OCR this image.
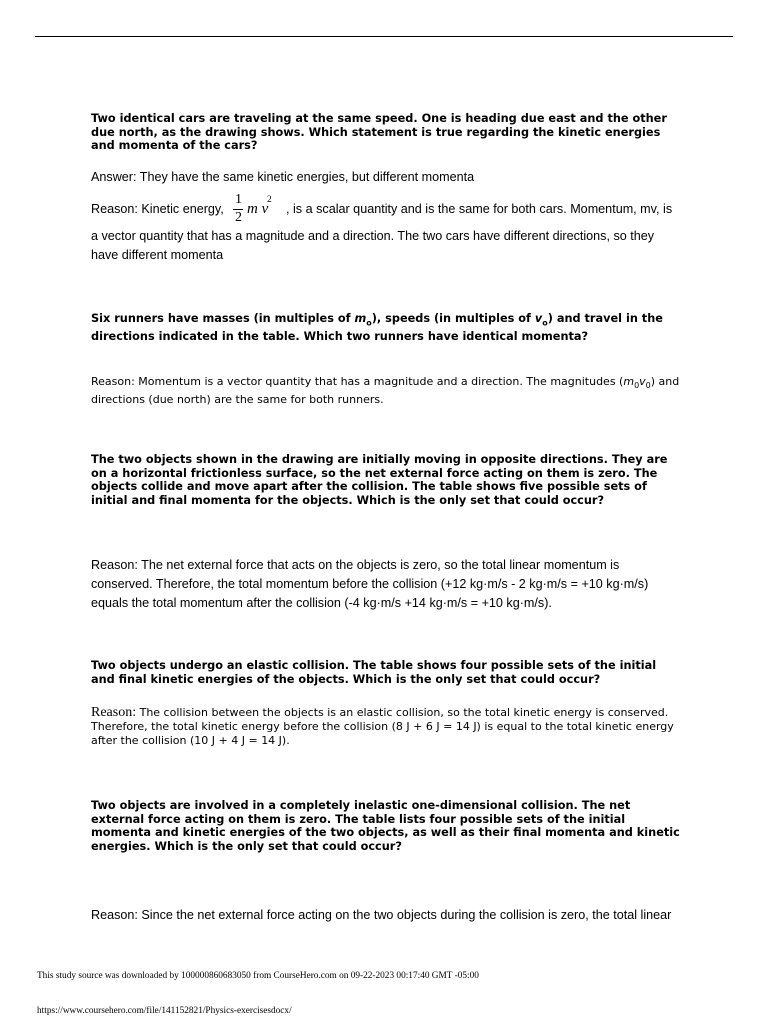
Two identical cars are traveling at the same speed. One is heading due east and the other due north, as the drawing shows. Which statement is true regarding the kinetic energies and momenta of the cars?
Answer: They have the same kinetic energies, but different momenta
Reason: Kinetic energy,
1
2
m v
2
, is a scalar quantity and is the same for both cars. Momentum, mv, is
a vector quantity that has a magnitude and a direction. The two cars have different directions, so they have different momenta
Six runners have masses (in multiples of $m_o$), speeds (in multiples of $v_o$) and travel in the directions indicated in the table. Which two runners have identical momenta?
Reason: Momentum is a vector quantity that has a magnitude and a direction. The magnitudes $(m_0v_0)$ and directions (due north) are the same for both runners.
The two objects shown in the drawing are initially moving in opposite directions. They are on a horizontal frictionless surface, so the net external force acting on them is zero. The objects collide and move apart after the collision. The table shows five possible sets of initial and final momenta for the objects. Which is the only set that could occur?
Reason: The net external force that acts on the objects is zero, so the total linear momentum is conserved. Therefore, the total momentum before the collision (+12 kg·m/s - 2 kg·m/s = +10 kg·m/s) equals the total momentum after the collision (-4 kg·m/s +14 kg·m/s = +10 kg·m/s).
Two objects undergo an elastic collision. The table shows four possible sets of the initial and final kinetic energies of the objects. Which is the only set that could occur?
Reason: The collision between the objects is an elastic collision, so the total kinetic energy is conserved. Therefore, the total kinetic energy before the collision (8 J + 6 J = 14 J) is equal to the total kinetic energy after the collision (10 J + 4 J = 14 J).
Two objects are involved in a completely inelastic one-dimensional collision. The net external force acting on them is zero. The table lists four possible sets of the initial momenta and kinetic energies of the two objects, as well as their final momenta and kinetic energies. Which is the only set that could occur?
Reason: Since the net external force acting on the two objects during the collision is zero, the total linear
This study source was downloaded by 100000860683050 from CourseHero.com on 09-22-2023 00:17:40 GMT -05:00
https://www.coursehero.com/file/141152821/Physics-exercisesdocx/
